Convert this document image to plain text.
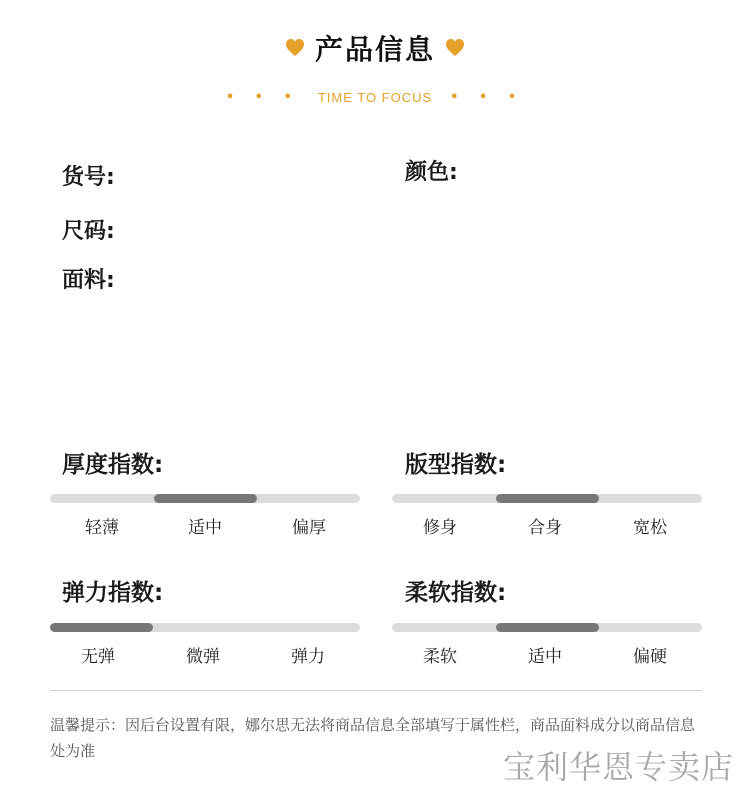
产品信息
• • • TIME TO FOCUS • • •
货号:	颜色:
尺码:
面料:
厚度指数:
轻薄	适中	偏厚
版型指数:
修身	合身	宽松
弹力指数:
无弹	微弹	弹力
柔软指数:
柔软	适中	偏硬
温馨提示：因后台设置有限，娜尔思无法将商品信息全部填写于属性栏，商品面料成分以商品信息处为准	宝利华恩专卖店
